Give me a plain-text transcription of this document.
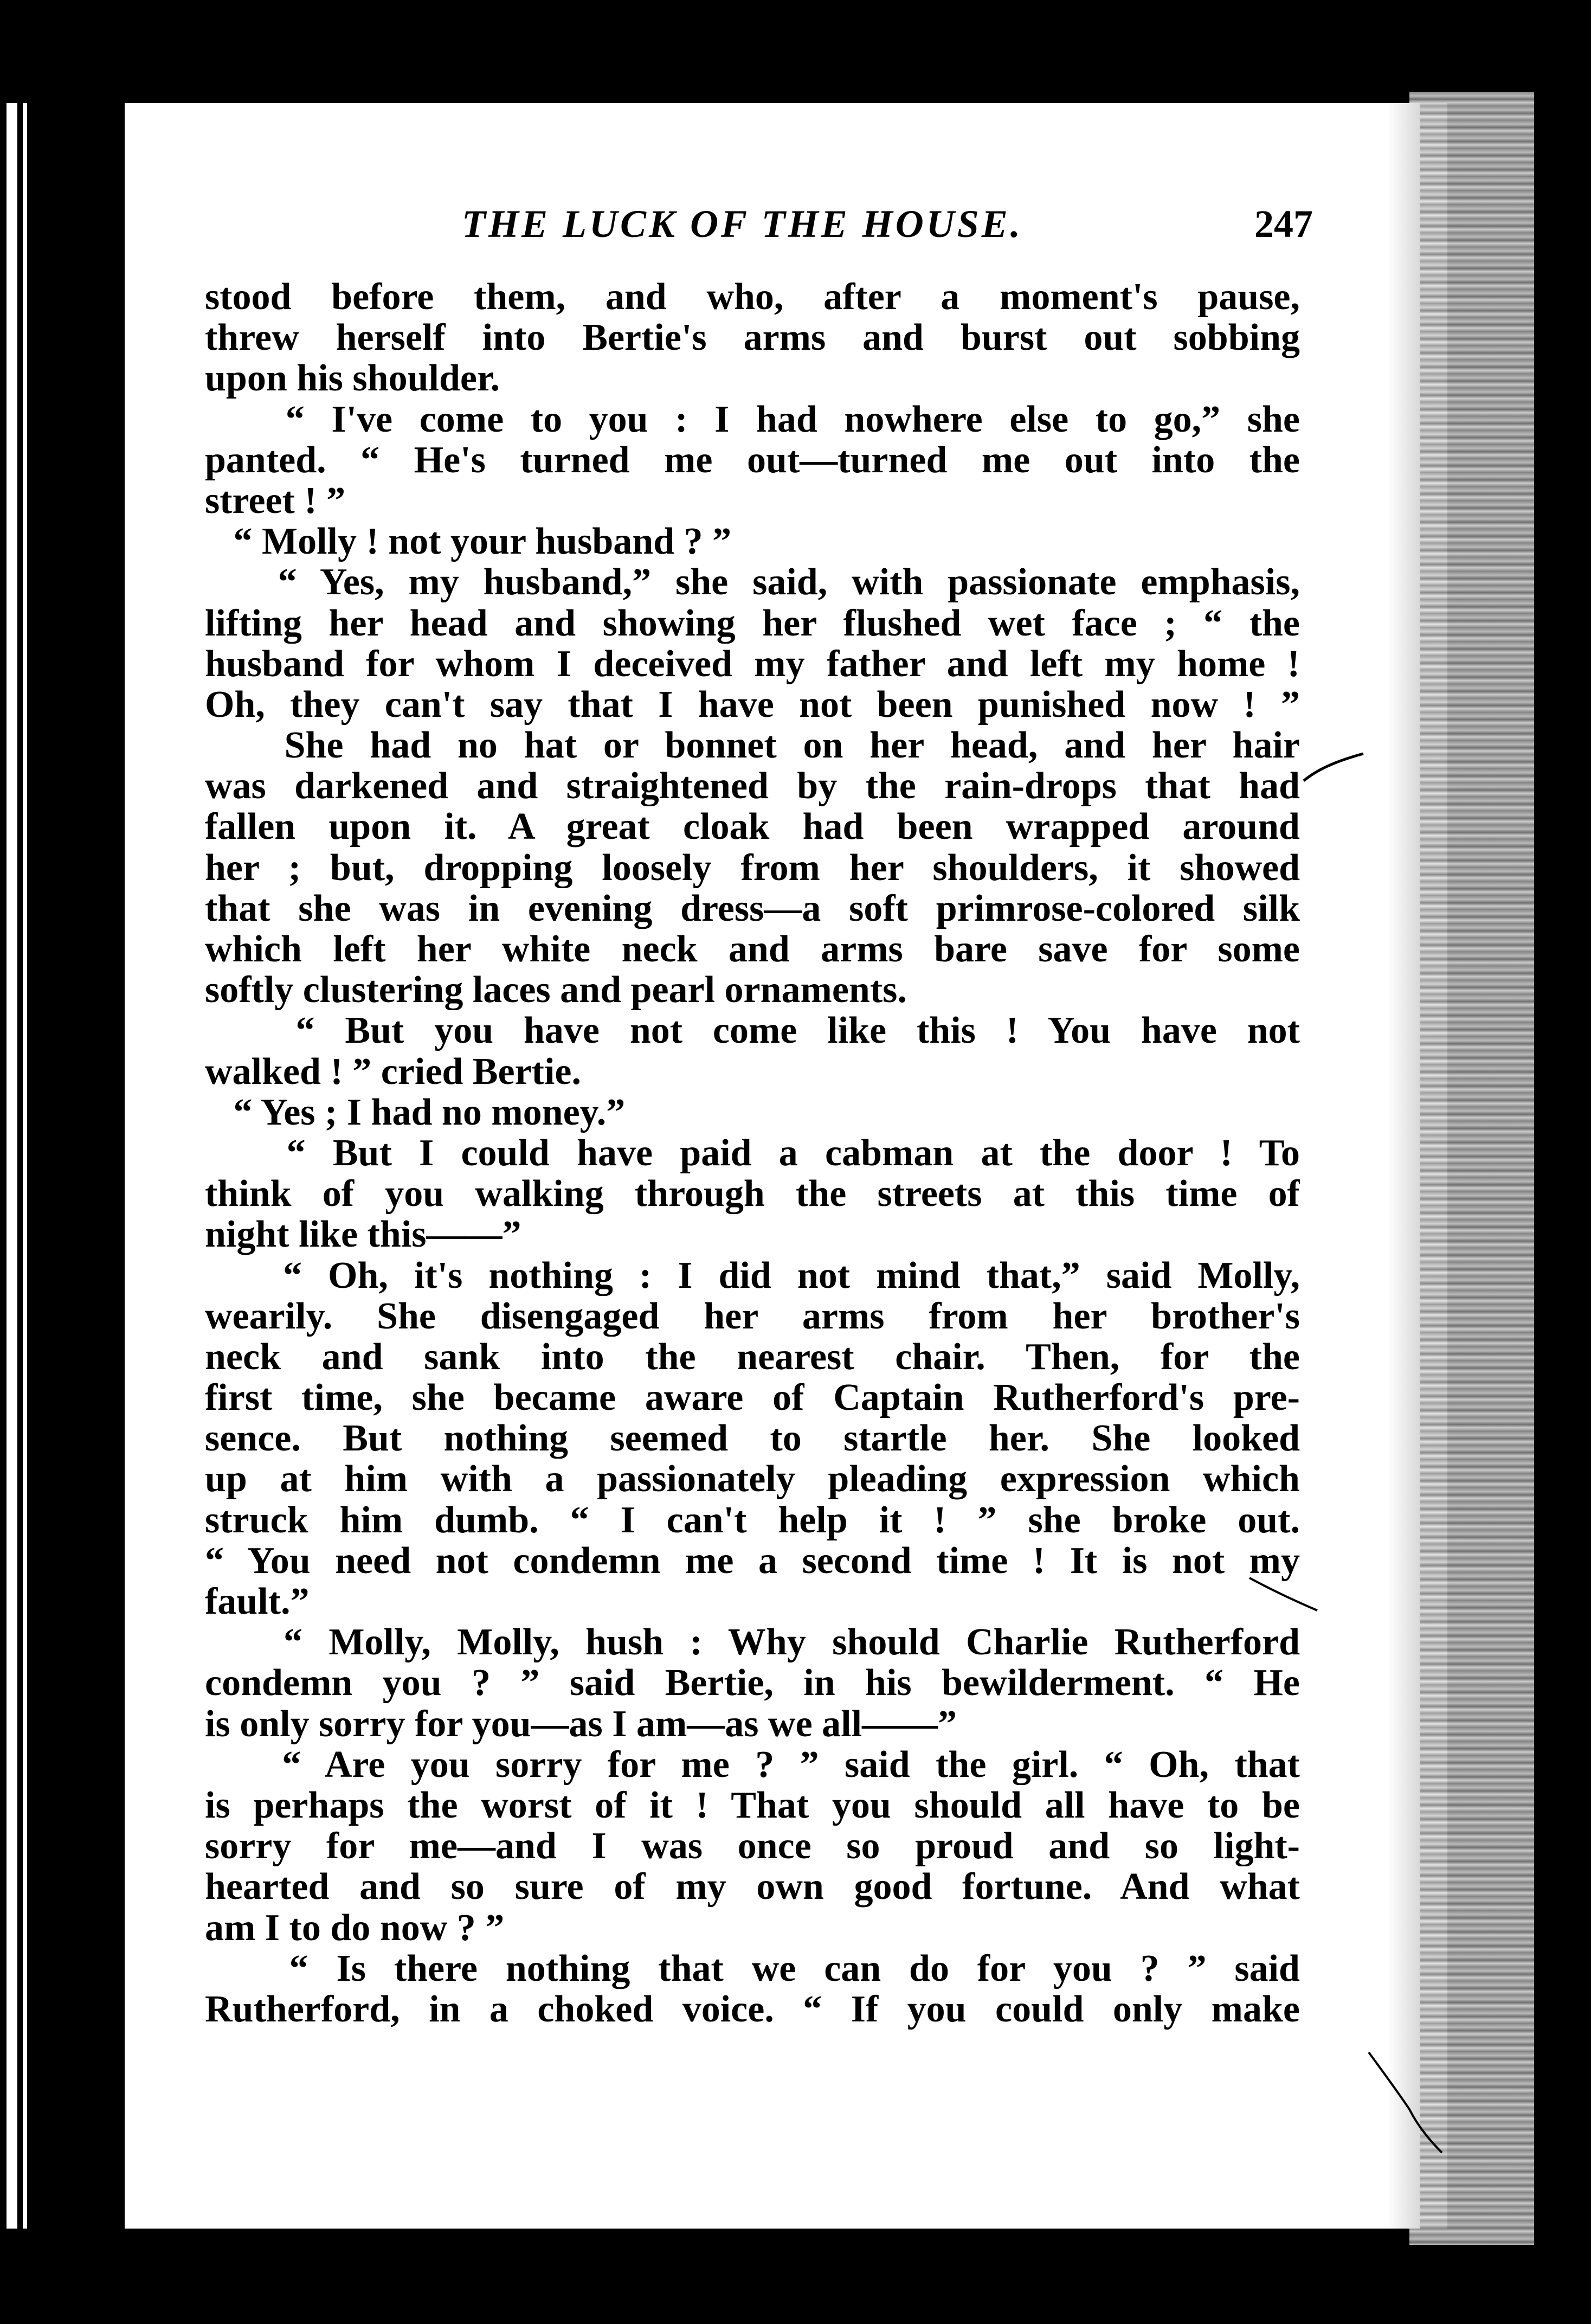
THE LUCK OF THE HOUSE.	247
stood before them, and who, after a moment's pause,
threw herself into Bertie's arms and burst out sobbing
upon his shoulder.
“ I've come to you : I had nowhere else to go,” she
panted. “ He's turned me out—turned me out into the
street ! ”
“ Molly ! not your husband ? ”
“ Yes, my husband,” she said, with passionate emphasis,
lifting her head and showing her flushed wet face ; “ the
husband for whom I deceived my father and left my home !
Oh, they can't say that I have not been punished now ! ”
She had no hat or bonnet on her head, and her hair
was darkened and straightened by the rain-drops that had
fallen upon it. A great cloak had been wrapped around
her ; but, dropping loosely from her shoulders, it showed
that she was in evening dress—a soft primrose-colored silk
which left her white neck and arms bare save for some
softly clustering laces and pearl ornaments.
“ But you have not come like this ! You have not
walked ! ” cried Bertie.
“ Yes ; I had no money.”
“ But I could have paid a cabman at the door ! To
think of you walking through the streets at this time of
night like this——”
“ Oh, it's nothing : I did not mind that,” said Molly,
wearily. She disengaged her arms from her brother's
neck and sank into the nearest chair. Then, for the
first time, she became aware of Captain Rutherford's pre-
sence. But nothing seemed to startle her. She looked
up at him with a passionately pleading expression which
struck him dumb. “ I can't help it ! ” she broke out.
“ You need not condemn me a second time ! It is not my
fault.”
“ Molly, Molly, hush : Why should Charlie Rutherford
condemn you ? ” said Bertie, in his bewilderment. “ He
is only sorry for you—as I am—as we all——”
“ Are you sorry for me ? ” said the girl. “ Oh, that
is perhaps the worst of it ! That you should all have to be
sorry for me—and I was once so proud and so light-
hearted and so sure of my own good fortune. And what
am I to do now ? ”
“ Is there nothing that we can do for you ? ” said
Rutherford, in a choked voice. “ If you could only make
